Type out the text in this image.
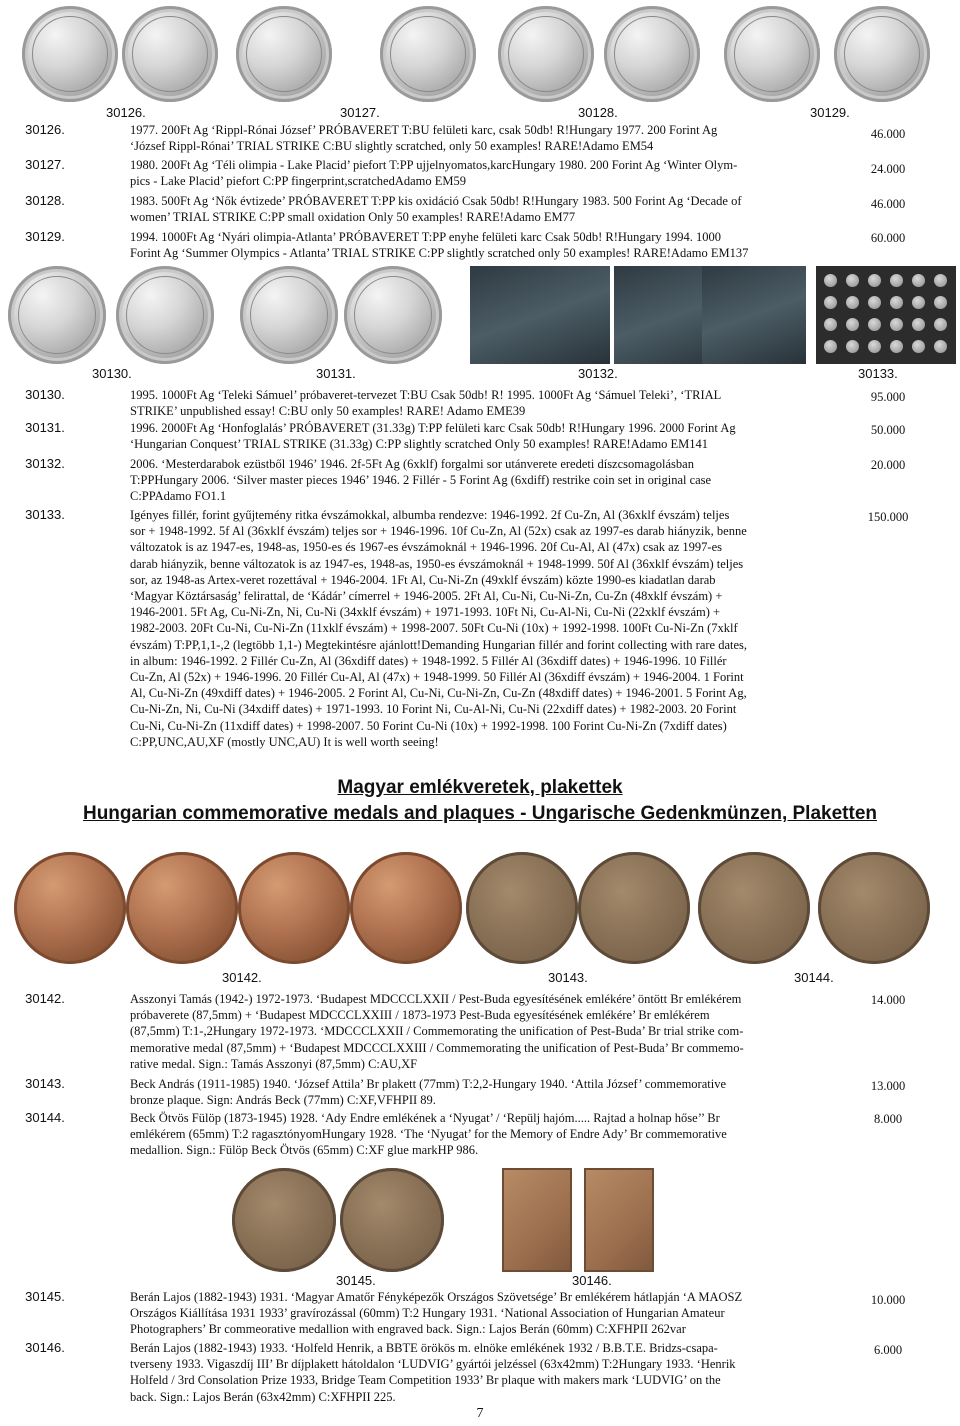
30126.	30127.	30128.	30129.
30126.	1977. 200Ft Ag ‘Rippl-Rónai József’ PRÓBAVERET T:BU felületi karc, csak 50db! R!Hungary 1977. 200 Forint Ag
‘József Rippl-Rónai’ TRIAL STRIKE C:BU slightly scratched, only 50 examples! RARE!Adamo EM54
46.000
30127.	1980. 200Ft Ag ‘Téli olimpia - Lake Placid’ piefort T:PP ujjelnyomatos,karcHungary 1980. 200 Forint Ag ‘Winter Olym-
pics - Lake Placid’ piefort C:PP fingerprint,scratchedAdamo EM59
24.000
30128.	1983. 500Ft Ag ‘Nők évtizede’ PRÓBAVERET T:PP kis oxidáció Csak 50db! R!Hungary 1983. 500 Forint Ag ‘Decade of
women’ TRIAL STRIKE C:PP small oxidation Only 50 examples! RARE!Adamo EM77
46.000
30129.	1994. 1000Ft Ag ‘Nyári olimpia-Atlanta’ PRÓBAVERET T:PP enyhe felületi karc Csak 50db! R!Hungary 1994. 1000
Forint Ag ‘Summer Olympics - Atlanta’ TRIAL STRIKE C:PP slightly scratched only 50 examples! RARE!Adamo EM137
60.000
30130.	30131.	30132.	30133.
30130.	1995. 1000Ft Ag ‘Teleki Sámuel’ próbaveret-tervezet T:BU Csak 50db! R! 1995. 1000Ft Ag ‘Sámuel Teleki’, ‘TRIAL
STRIKE’ unpublished essay! C:BU only 50 examples! RARE! Adamo EME39
95.000
30131.	1996. 2000Ft Ag ‘Honfoglalás’ PRÓBAVERET (31.33g) T:PP felületi karc Csak 50db! R!Hungary 1996. 2000 Forint Ag
‘Hungarian Conquest’ TRIAL STRIKE (31.33g) C:PP slightly scratched Only 50 examples! RARE!Adamo EM141
50.000
30132.	2006. ‘Mesterdarabok ezüstből 1946’ 1946. 2f-5Ft Ag (6xklf) forgalmi sor utánverete eredeti díszcsomagolásban
T:PPHungary 2006. ‘Silver master pieces 1946’ 1946. 2 Fillér - 5 Forint Ag (6xdiff) restrike coin set in original case
C:PPAdamo FO1.1
20.000
30133.	Igényes fillér, forint gyűjtemény ritka évszámokkal, albumba rendezve: 1946-1992. 2f Cu-Zn, Al (36xklf évszám) teljes
sor + 1948-1992. 5f Al (36xklf évszám) teljes sor + 1946-1996. 10f Cu-Zn, Al (52x) csak az 1997-es darab hiányzik, benne
változatok is az 1947-es, 1948-as, 1950-es és 1967-es évszámoknál + 1946-1996. 20f Cu-Al, Al (47x) csak az 1997-es
darab hiányzik, benne változatok is az 1947-es, 1948-as, 1950-es évszámoknál + 1948-1999. 50f Al (36xklf évszám) teljes
sor, az 1948-as Artex-veret rozettával + 1946-2004. 1Ft Al, Cu-Ni-Zn (49xklf évszám) közte 1990-es kiadatlan darab
‘Magyar Köztársaság’ felirattal, de ‘Kádár’ címerrel + 1946-2005. 2Ft Al, Cu-Ni, Cu-Ni-Zn, Cu-Zn (48xklf évszám) +
1946-2001. 5Ft Ag, Cu-Ni-Zn, Ni, Cu-Ni (34xklf évszám) + 1971-1993. 10Ft Ni, Cu-Al-Ni, Cu-Ni (22xklf évszám) +
1982-2003. 20Ft Cu-Ni, Cu-Ni-Zn (11xklf évszám) + 1998-2007. 50Ft Cu-Ni (10x) + 1992-1998. 100Ft Cu-Ni-Zn (7xklf
évszám) T:PP,1,1-,2 (legtöbb 1,1-) Megtekintésre ajánlott!Demanding Hungarian fillér and forint collecting with rare dates,
in album: 1946-1992. 2 Fillér Cu-Zn, Al (36xdiff dates) + 1948-1992. 5 Fillér Al (36xdiff dates) + 1946-1996. 10 Fillér
Cu-Zn, Al (52x) + 1946-1996. 20 Fillér Cu-Al, Al (47x) + 1948-1999. 50 Fillér Al (36xdiff évszám) + 1946-2004. 1 Forint
Al, Cu-Ni-Zn (49xdiff dates) + 1946-2005. 2 Forint Al, Cu-Ni, Cu-Ni-Zn, Cu-Zn (48xdiff dates) + 1946-2001. 5 Forint Ag,
Cu-Ni-Zn, Ni, Cu-Ni (34xdiff dates) + 1971-1993. 10 Forint Ni, Cu-Al-Ni, Cu-Ni (22xdiff dates) + 1982-2003. 20 Forint
Cu-Ni, Cu-Ni-Zn (11xdiff dates) + 1998-2007. 50 Forint Cu-Ni (10x) + 1992-1998. 100 Forint Cu-Ni-Zn (7xdiff dates)
C:PP,UNC,AU,XF (mostly UNC,AU) It is well worth seeing!
150.000
Magyar emlékveretek, plakettek
Hungarian commemorative medals and plaques - Ungarische Gedenkmünzen, Plaketten
30142.	30143.	30144.
30142.	Asszonyi Tamás (1942-) 1972-1973. ‘Budapest MDCCCLXXII / Pest-Buda egyesítésének emlékére’ öntött Br emlékérem
próbaverete (87,5mm) + ‘Budapest MDCCCLXXIII / 1873-1973 Pest-Buda egyesítésének emlékére’ Br emlékérem
(87,5mm) T:1-,2Hungary 1972-1973. ‘MDCCCLXXII / Commemorating the unification of Pest-Buda’ Br trial strike com-
memorative medal (87,5mm) + ‘Budapest MDCCCLXXIII / Commemorating the unification of Pest-Buda’ Br commemo-
rative medal. Sign.: Tamás Asszonyi (87,5mm) C:AU,XF
14.000
30143.	Beck András (1911-1985) 1940. ‘József Attila’ Br plakett (77mm) T:2,2-Hungary 1940. ‘Attila József’ commemorative
bronze plaque. Sign: András Beck (77mm) C:XF,VFHPII 89.
13.000
30144.	Beck Ötvös Fülöp (1873-1945) 1928. ‘Ady Endre emlékének a ‘Nyugat’ / ‘Repülj hajóm..... Rajtad a holnap hőse’’ Br
emlékérem (65mm) T:2 ragasztónyomHungary 1928. ‘The ‘Nyugat’ for the Memory of Endre Ady’ Br commemorative
medallion. Sign.: Fülöp Beck Ötvös (65mm) C:XF glue markHP 986.
8.000
30145.	30146.
30145.	Berán Lajos (1882-1943) 1931. ‘Magyar Amatőr Fényképezők Országos Szövetsége’ Br emlékérem hátlapján ‘A MAOSZ
Országos Kiállítása 1931 1933’ gravírozással (60mm) T:2 Hungary 1931. ‘National Association of Hungarian Amateur
Photographers’ Br commeorative medallion with engraved back. Sign.: Lajos Berán (60mm) C:XFHPII 262var
10.000
30146.	Berán Lajos (1882-1943) 1933. ‘Holfeld Henrik, a BBTE örökös m. elnöke emlékének 1932 / B.B.T.E. Bridzs-csapa-
tverseny 1933. Vigaszdíj III’ Br díjplakett hátoldalon ‘LUDVIG’ gyártói jelzéssel (63x42mm) T:2Hungary 1933. ‘Henrik
Holfeld / 3rd Consolation Prize 1933, Bridge Team Competition 1933’ Br plaque with makers mark ‘LUDVIG’ on the
back. Sign.: Lajos Berán (63x42mm) C:XFHPII 225.
6.000
7
